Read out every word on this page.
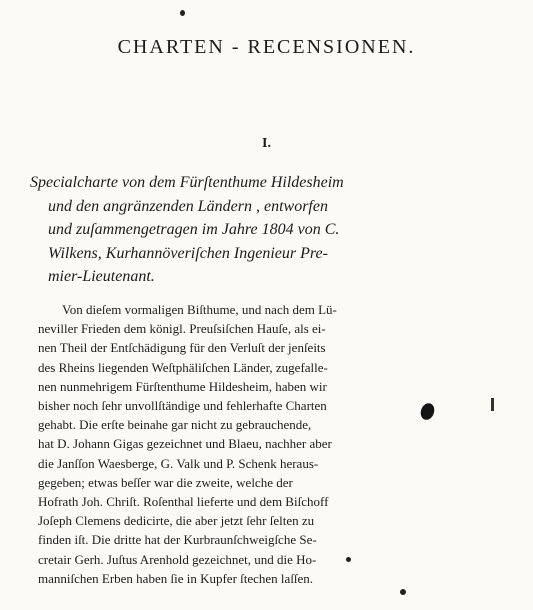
CHARTEN - RECENSIONEN.
I.
Specialcharte von dem Fürſtenthume Hildesheim
und den angränzenden Ländern , entworfen
und zuſammengetragen im Jahre 1804 von C.
Wilkens, Kurhannöveriſchen Ingenieur Pre-
mier-Lieutenant.
Von dieſem vormaligen Biſthume, und nach dem Lü-
neviller Frieden dem königl. Preuſsiſchen Hauſe, als ei-
nen Theil der Entſchädigung für den Verluſt der jenſeits
des Rheins liegenden Weſtphäliſchen Länder, zugefalle-
nen nunmehrigem Fürſtenthume Hildesheim, haben wir
bisher noch ſehr unvollſtändige und fehlerhafte Charten
gehabt. Die erſte beinahe gar nicht zu gebrauchende,
hat D. Johann Gigas gezeichnet und Blaeu, nachher aber
die Janſſon Waesberge, G. Valk und P. Schenk heraus-
gegeben; etwas beſſer war die zweite, welche der
Hofrath Joh. Chriſt. Roſenthal lieferte und dem Biſchoff
Joſeph Clemens dedicirte, die aber jetzt ſehr ſelten zu
finden iſt. Die dritte hat der Kurbraunſchweigſche Se-
cretair Gerh. Juſtus Arenhold gezeichnet, und die Ho-
manniſchen Erben haben ſie in Kupfer ſtechen laſſen.
